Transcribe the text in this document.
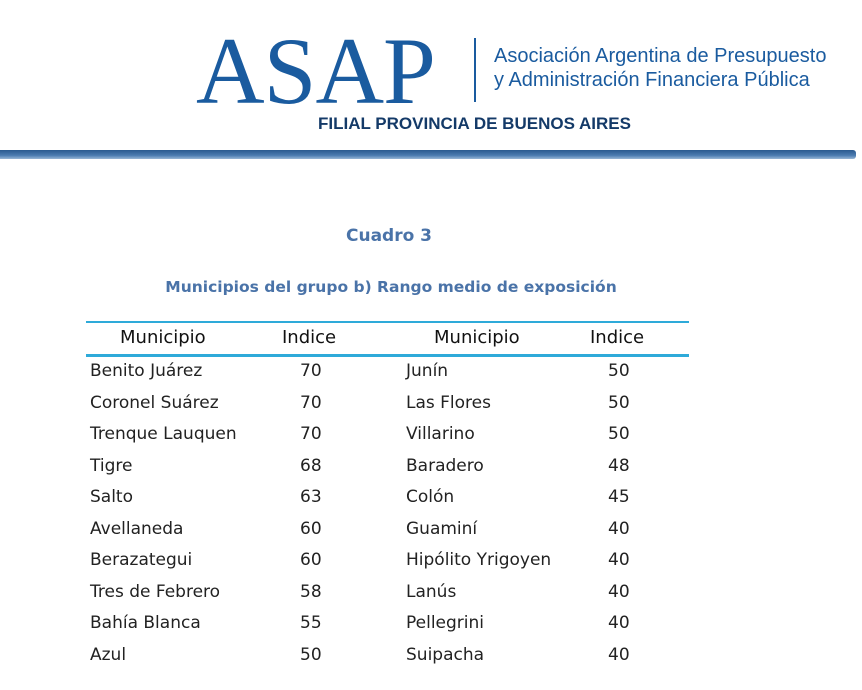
ASAP	Asociación Argentina de Presupuesto
y Administración Financiera Pública
FILIAL PROVINCIA DE BUENOS AIRES
Cuadro 3
Municipios del grupo b) Rango medio de exposición
Municipio	Indice	Municipio	Indice
Benito Juárez	70	Junín	50
Coronel Suárez	70	Las Flores	50
Trenque Lauquen	70	Villarino	50
Tigre	68	Baradero	48
Salto	63	Colón	45
Avellaneda	60	Guaminí	40
Berazategui	60	Hipólito Yrigoyen	40
Tres de Febrero	58	Lanús	40
Bahía Blanca	55	Pellegrini	40
Azul	50	Suipacha	40
